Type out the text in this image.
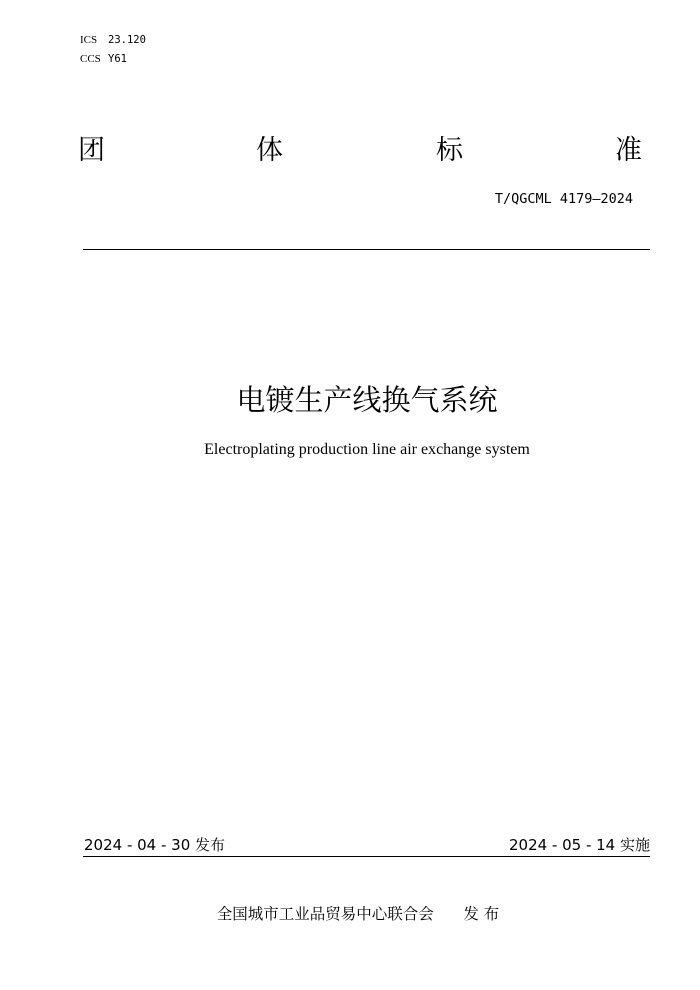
ICS 23.120
CCS Y61
团	体	标	准
T/QGCML 4179—2024
电镀生产线换气系统
Electroplating production line air exchange system
2024 - 04 - 30 发布	2024 - 05 - 14 实施
全国城市工业品贸易中心联合会 发 布
